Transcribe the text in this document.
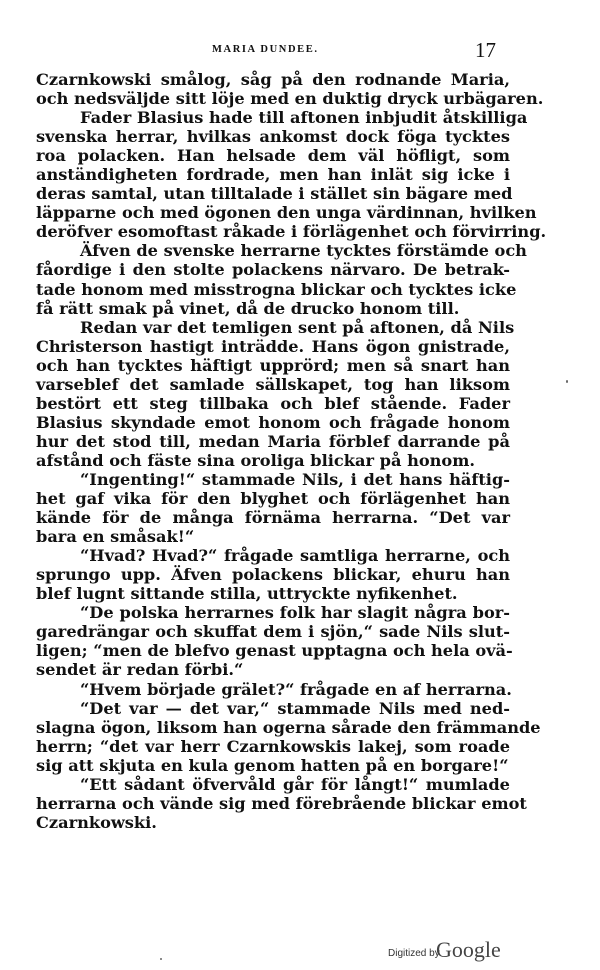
MARIA DUNDEE.	17

Czarnkowski smålog, såg på den rodnande Maria,
och nedsväljde sitt löje med en duktig dryck urbägaren.

Fader Blasius hade till aftonen inbjudit åtskilliga
svenska herrar, hvilkas ankomst dock föga tycktes
roa polacken. Han helsade dem väl höfligt, som
anständigheten fordrade, men han inlät sig icke i
deras samtal, utan tilltalade i stället sin bägare med
läpparne och med ögonen den unga värdinnan, hvilken
deröfver esomoftast råkade i förlägenhet och förvirring.

Äfven de svenske herrarne tycktes förstämde och
fåordige i den stolte polackens närvaro. De betrak-
tade honom med misstrogna blickar och tycktes icke
få rätt smak på vinet, då de drucko honom till.

Redan var det temligen sent på aftonen, då Nils
Christerson hastigt inträdde. Hans ögon gnistrade,
och han tycktes häftigt upprörd; men så snart han
varseblef det samlade sällskapet, tog han liksom
bestört ett steg tillbaka och blef stående. Fader
Blasius skyndade emot honom och frågade honom
hur det stod till, medan Maria förblef darrande på
afstånd och fäste sina oroliga blickar på honom.

“Ingenting!“ stammade Nils, i det hans häftig-
het gaf vika för den blyghet och förlägenhet han
kände för de många förnäma herrarna. “Det var
bara en småsak!“

“Hvad? Hvad?“ frågade samtliga herrarne, och
sprungo upp. Äfven polackens blickar, ehuru han
blef lugnt sittande stilla, uttryckte nyfikenhet.

“De polska herrarnes folk har slagit några bor-
garedrängar och skuffat dem i sjön,“ sade Nils slut-
ligen; “men de blefvo genast upptagna och hela ovä-
sendet är redan förbi.“

“Hvem började grälet?“ frågade en af herrarna.

“Det var — det var,“ stammade Nils med ned-
slagna ögon, liksom han ogerna sårade den främmande
herrn; “det var herr Czarnkowskis lakej, som roade
sig att skjuta en kula genom hatten på en borgare!“

“Ett sådant öfvervåld går för långt!“ mumlade
herrarna och vände sig med förebrående blickar emot
Czarnkowski.

Digitized by
Google
